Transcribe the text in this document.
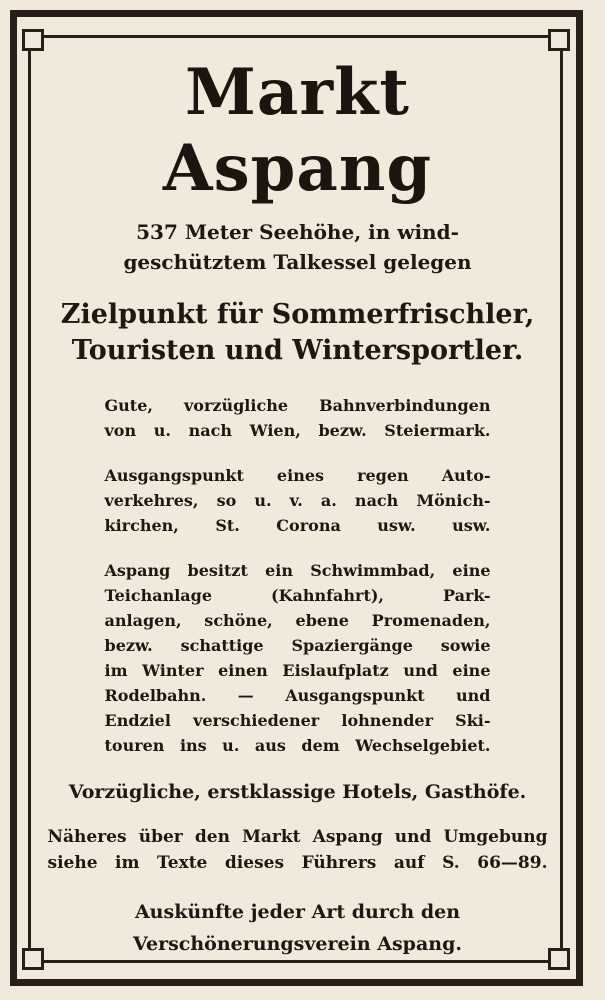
Markt Aspang

537 Meter Seehöhe, in wind-
geschütztem Talkessel gelegen

Zielpunkt für Sommerfrischler,
Touristen und Wintersportler.

Gute, vorzügliche Bahnverbindungen
von u. nach Wien, bezw. Steiermark.
Ausgangspunkt eines regen Auto-
verkehres, so u. v. a. nach Mönich-
kirchen, St. Corona usw. usw.
Aspang besitzt ein Schwimmbad, eine
Teichanlage (Kahnfahrt), Park-
anlagen, schöne, ebene Promenaden,
bezw. schattige Spaziergänge sowie
im Winter einen Eislaufplatz und eine
Rodelbahn. — Ausgangspunkt und
Endziel verschiedener lohnender Ski-
touren ins u. aus dem Wechselgebiet.

Vorzügliche, erstklassige Hotels, Gasthöfe.

Näheres über den Markt Aspang und Umgebung
siehe im Texte dieses Führers auf S. 66—89.

Auskünfte jeder Art durch den
Verschönerungsverein Aspang.
